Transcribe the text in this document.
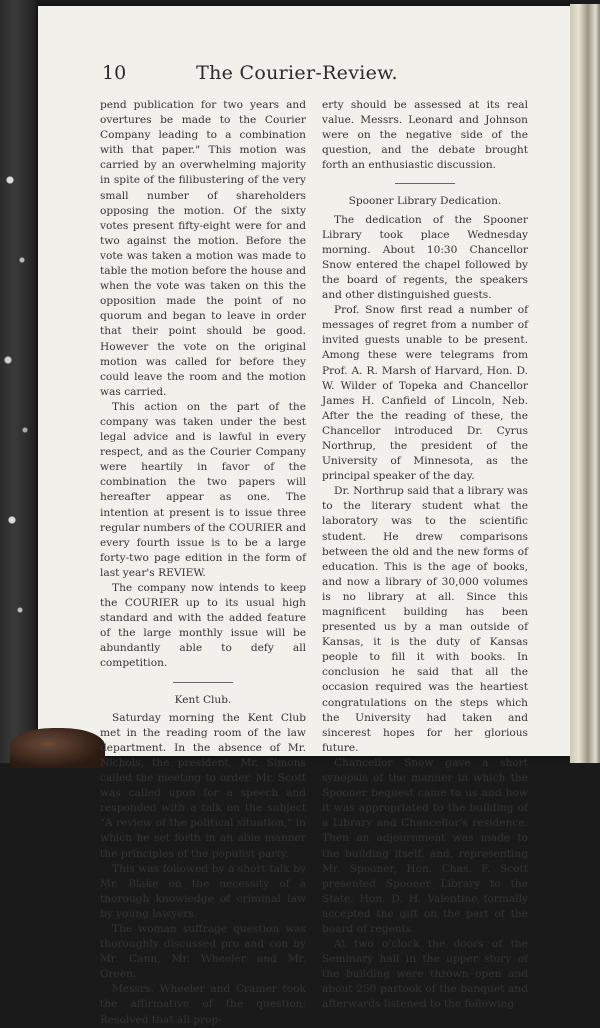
10	The Courier-Review.

pend publication for two years and overtures be made to the Courier Company leading to a combination with that paper." This motion was carried by an overwhelming majority in spite of the filibustering of the very small number of shareholders opposing the motion. Of the sixty votes present fifty-eight were for and two against the motion. Before the vote was taken a motion was made to table the motion before the house and when the vote was taken on this the opposition made the point of no quorum and began to leave in order that their point should be good. However the vote on the original motion was called for before they could leave the room and the motion was carried.

This action on the part of the company was taken under the best legal advice and is lawful in every respect, and as the Courier Company were heartily in favor of the combination the two papers will hereafter appear as one. The intention at present is to issue three regular numbers of the COURIER and every fourth issue is to be a large forty-two page edition in the form of last year's REVIEW.

The company now intends to keep the COURIER up to its usual high standard and with the added feature of the large monthly issue will be abundantly able to defy all competition.

Kent Club.

Saturday morning the Kent Club met in the reading room of the law department. In the absence of Mr. Nichols, the president, Mr. Simons called the meeting to order. Mr. Scott was called upon for a speech and responded with a talk on the subject "A review of the political situation," in which he set forth in an able manner the principles of the populist party.

This was followed by a short talk by Mr. Blake on the necessity of a thorough knowledge of criminal law by young lawyers.

The woman suffrage question was thoroughly discussed pro and con by Mr. Cann, Mr. Wheeler and Mr. Green.

Messrs. Wheeler and Cramer took the affirmative of the question: Resolved that all prop-

erty should be assessed at its real value. Messrs. Leonard and Johnson were on the negative side of the question, and the debate brought forth an enthusiastic discussion.

Spooner Library Dedication.

The dedication of the Spooner Library took place Wednesday morning. About 10:30 Chancellor Snow entered the chapel followed by the board of regents, the speakers and other distinguished guests.

Prof. Snow first read a number of messages of regret from a number of invited guests unable to be present. Among these were telegrams from Prof. A. R. Marsh of Harvard, Hon. D. W. Wilder of Topeka and Chancellor James H. Canfield of Lincoln, Neb. After the the reading of these, the Chancellor introduced Dr. Cyrus Northrup, the president of the University of Minnesota, as the principal speaker of the day.

Dr. Northrup said that a library was to the literary student what the laboratory was to the scientific student. He drew comparisons between the old and the new forms of education. This is the age of books, and now a library of 30,000 volumes is no library at all. Since this magnificent building has been presented us by a man outside of Kansas, it is the duty of Kansas people to fill it with books. In conclusion he said that all the occasion required was the heartiest congratulations on the steps which the University had taken and sincerest hopes for her glorious future.

Chancellor Snow gave a short synopsis of the manner in which the Spooner bequest came to us and how it was appropriated to the building of a Library and Chancellor's residence. Then an adjournment was made to the building itself, and, representing Mr. Spooner, Hon. Chas. F. Scott presented Spooner Library to the State. Hon. D. H. Valentine formally accepted the gift on the part of the board of regents.

At two o'clock the doors of the Seminary hall in the upper story of the building were thrown open and about 250 partook of the banquet and afterwards listened to the following
